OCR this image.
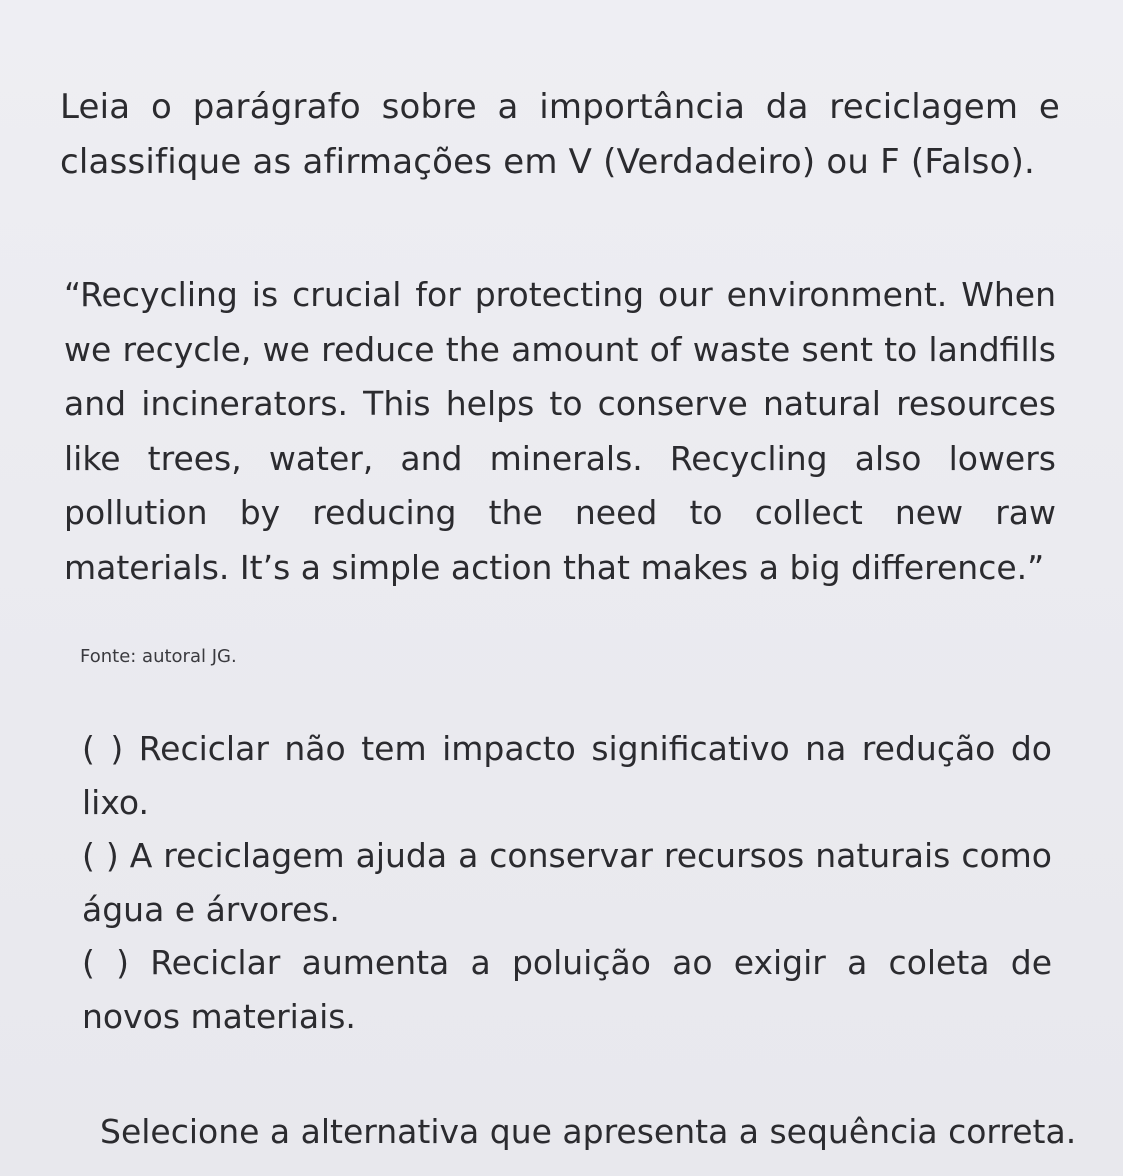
Leia o parágrafo sobre a importância da reciclagem e classifique as afirmações em V (Verdadeiro) ou F (Falso).
“Recycling is crucial for protecting our environment. When we recycle, we reduce the amount of waste sent to landfills and incinerators. This helps to conserve natural resources like trees, water, and minerals. Recycling also lowers pollution by reducing the need to collect new raw materials. It’s a simple action that makes a big difference.”
Fonte: autoral JG.
( ) Reciclar não tem impacto significativo na redução do lixo.
( ) A reciclagem ajuda a conservar recursos naturais como água e árvores.
( ) Reciclar aumenta a poluição ao exigir a coleta de novos materiais.
Selecione a alternativa que apresenta a sequência correta.
